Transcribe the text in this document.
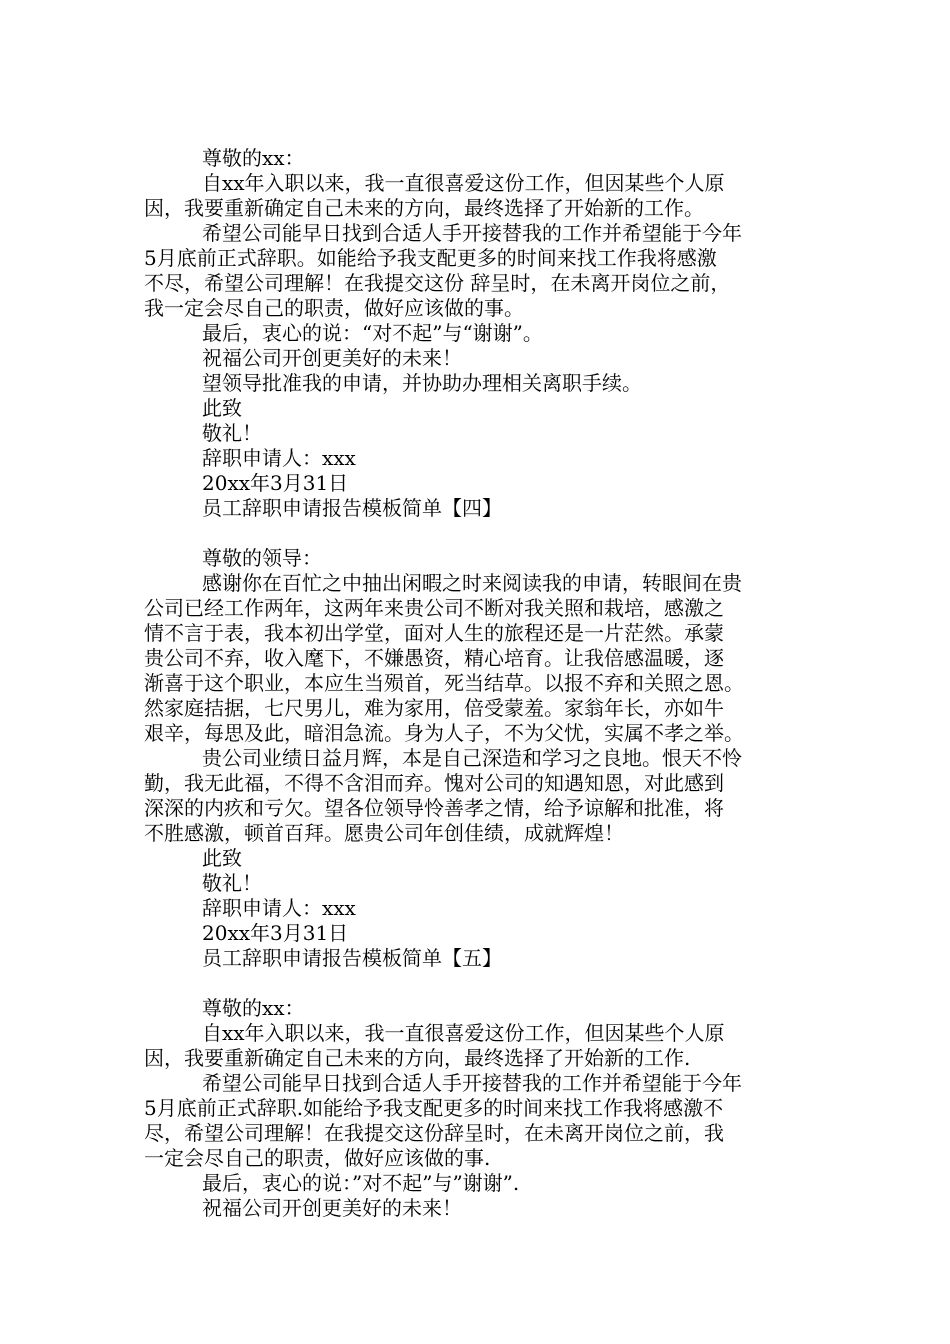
尊敬的xx：
自xx年入职以来，我一直很喜爱这份工作，但因某些个人原
因，我要重新确定自己未来的方向，最终选择了开始新的工作。
希望公司能早日找到合适人手开接替我的工作并希望能于今年
5月底前正式辞职。如能给予我支配更多的时间来找工作我将感激
不尽，希望公司理解！在我提交这份 辞呈时，在未离开岗位之前，
我一定会尽自己的职责，做好应该做的事。
最后，衷心的说：“对不起”与“谢谢”。
祝福公司开创更美好的未来！
望领导批准我的申请，并协助办理相关离职手续。
此致
敬礼！
辞职申请人：xxx
20xx年3月31日
员工辞职申请报告模板简单【四】
尊敬的领导：
感谢你在百忙之中抽出闲暇之时来阅读我的申请，转眼间在贵
公司已经工作两年，这两年来贵公司不断对我关照和栽培，感激之
情不言于表，我本初出学堂，面对人生的旅程还是一片茫然。承蒙
贵公司不弃，收入麾下，不嫌愚资，精心培育。让我倍感温暖，逐
渐喜于这个职业，本应生当殒首，死当结草。以报不弃和关照之恩。
然家庭拮据，七尺男儿，难为家用，倍受蒙羞。家翁年长，亦如牛
艰辛，每思及此，暗泪急流。身为人子，不为父忧，实属不孝之举。
贵公司业绩日益月辉，本是自己深造和学习之良地。恨天不怜
勤，我无此福，不得不含泪而弃。愧对公司的知遇知恩，对此感到
深深的内疚和亏欠。望各位领导怜善孝之情，给予谅解和批准，将
不胜感激，顿首百拜。愿贵公司年创佳绩，成就辉煌！
此致
敬礼！
辞职申请人：xxx
20xx年3月31日
员工辞职申请报告模板简单【五】
尊敬的xx：
自xx年入职以来，我一直很喜爱这份工作，但因某些个人原
因，我要重新确定自己未来的方向，最终选择了开始新的工作.
希望公司能早日找到合适人手开接替我的工作并希望能于今年
5月底前正式辞职.如能给予我支配更多的时间来找工作我将感激不
尽，希望公司理解！在我提交这份辞呈时，在未离开岗位之前，我
一定会尽自己的职责，做好应该做的事.
最后，衷心的说：”对不起”与”谢谢”.
祝福公司开创更美好的未来！
